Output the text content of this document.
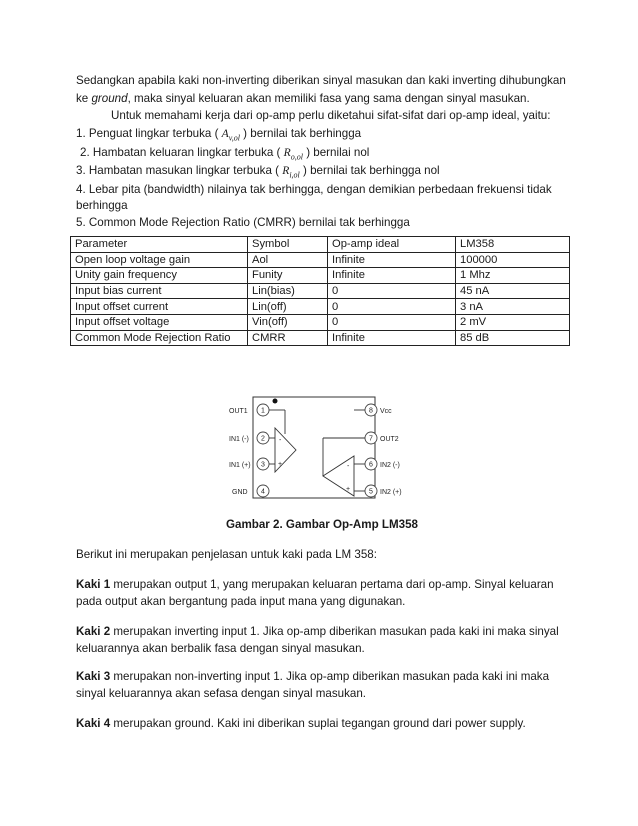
Sedangkan apabila kaki non-inverting diberikan sinyal masukan dan kaki inverting dihubungkan
ke ground, maka sinyal keluaran akan memiliki fasa yang sama dengan sinyal masukan.
Untuk memahami kerja dari op-amp perlu diketahui sifat-sifat dari op-amp ideal, yaitu:
1. Penguat lingkar terbuka ( $A_{v,ol}$ ) bernilai tak berhingga
2. Hambatan keluaran lingkar terbuka ( $R_{o,ol}$ ) bernilai nol
3. Hambatan masukan lingkar terbuka ( $R_{i,ol}$ ) bernilai tak berhingga nol
4. Lebar pita (bandwidth) nilainya tak berhingga, dengan demikian perbedaan frekuensi tidak
berhingga
5. Common Mode Rejection Ratio (CMRR) bernilai tak berhingga
Parameter	Symbol	Op-amp ideal	LM358
Open loop voltage gain	Aol	Infinite	100000
Unity gain frequency	Funity	Infinite	1 Mhz
Input bias current	Lin(bias)	0	45 nA
Input offset current	Lin(off)	0	3 nA
Input offset voltage	Vin(off)	0	2 mV
Common Mode Rejection Ratio	CMRR	Infinite	85 dB
OUT1
IN1 (-)
IN1 (+)
GND
1
2
3
4
8
7
6
5
Vcc
OUT2
IN2 (-)
IN2 (+)
-
+	-
+
Gambar 2. Gambar Op-Amp LM358
Berikut ini merupakan penjelasan untuk kaki pada LM 358:
Kaki 1 merupakan output 1, yang merupakan keluaran pertama dari op-amp. Sinyal keluaran
pada output akan bergantung pada input mana yang digunakan.
Kaki 2 merupakan inverting input 1. Jika op-amp diberikan masukan pada kaki ini maka sinyal
keluarannya akan berbalik fasa dengan sinyal masukan.
Kaki 3 merupakan non-inverting input 1. Jika op-amp diberikan masukan pada kaki ini maka
sinyal keluarannya akan sefasa dengan sinyal masukan.
Kaki 4 merupakan ground. Kaki ini diberikan suplai tegangan ground dari power supply.
